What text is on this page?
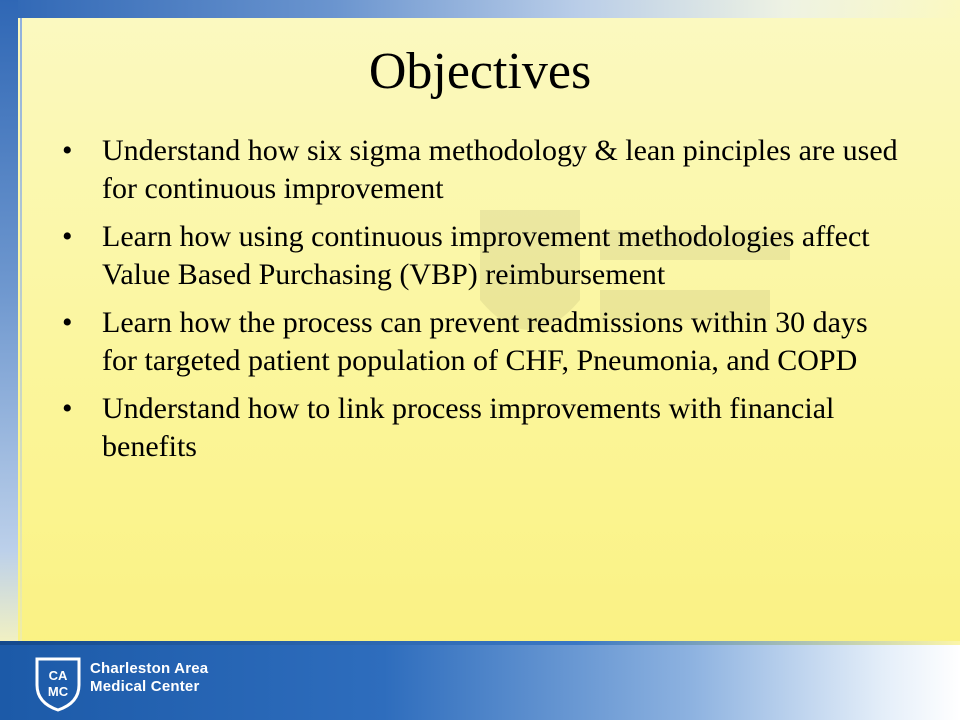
Objectives
• Understand how six sigma methodology & lean pinciples are used for continuous improvement
• Learn how using continuous improvement methodologies affect Value Based Purchasing (VBP) reimbursement
• Learn how the process can prevent readmissions within 30 days for targeted patient population of CHF, Pneumonia, and COPD
• Understand how to link process improvements with financial benefits
CA
MC
Charleston Area
Medical Center
